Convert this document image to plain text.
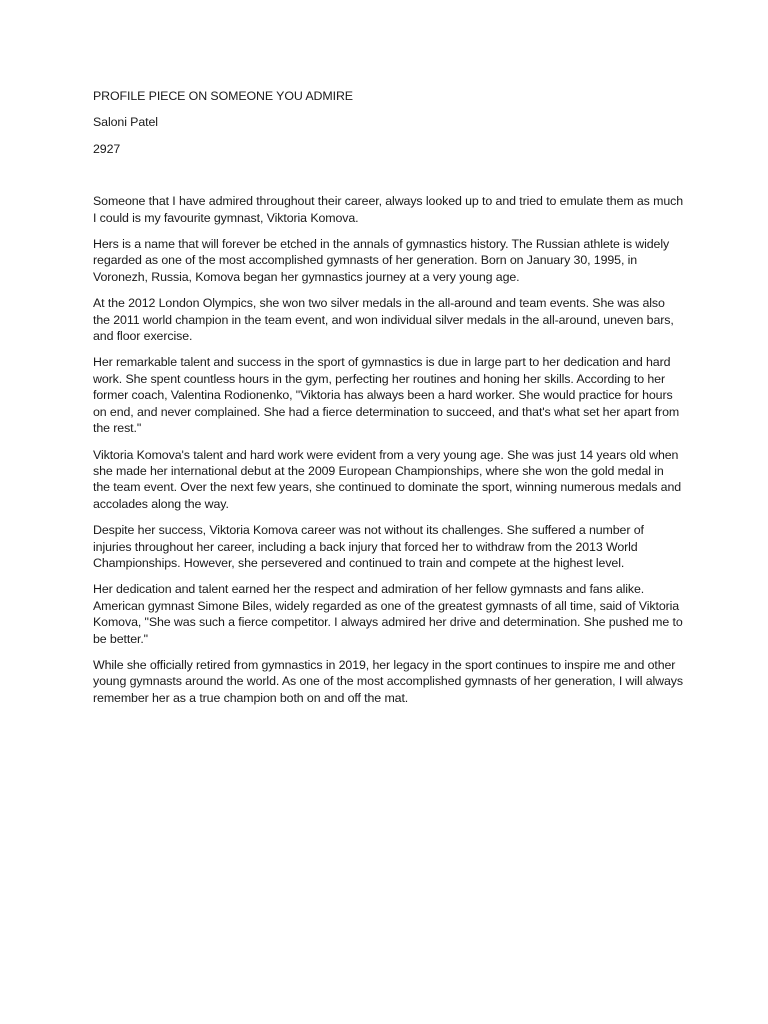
PROFILE PIECE ON SOMEONE YOU ADMIRE
Saloni Patel
2927

Someone that I have admired throughout their career, always looked up to and tried to emulate them as much I could is my favourite gymnast, Viktoria Komova.

Hers is a name that will forever be etched in the annals of gymnastics history. The Russian athlete is widely regarded as one of the most accomplished gymnasts of her generation. Born on January 30, 1995, in Voronezh, Russia, Komova began her gymnastics journey at a very young age.

At the 2012 London Olympics, she won two silver medals in the all-around and team events. She was also the 2011 world champion in the team event, and won individual silver medals in the all-around, uneven bars, and floor exercise.

Her remarkable talent and success in the sport of gymnastics is due in large part to her dedication and hard work. She spent countless hours in the gym, perfecting her routines and honing her skills. According to her former coach, Valentina Rodionenko, "Viktoria has always been a hard worker. She would practice for hours on end, and never complained. She had a fierce determination to succeed, and that's what set her apart from the rest."

Viktoria Komova's talent and hard work were evident from a very young age. She was just 14 years old when she made her international debut at the 2009 European Championships, where she won the gold medal in the team event. Over the next few years, she continued to dominate the sport, winning numerous medals and accolades along the way.

Despite her success, Viktoria Komova career was not without its challenges. She suffered a number of injuries throughout her career, including a back injury that forced her to withdraw from the 2013 World Championships. However, she persevered and continued to train and compete at the highest level.

Her dedication and talent earned her the respect and admiration of her fellow gymnasts and fans alike. American gymnast Simone Biles, widely regarded as one of the greatest gymnasts of all time, said of Viktoria Komova, "She was such a fierce competitor. I always admired her drive and determination. She pushed me to be better."

While she officially retired from gymnastics in 2019, her legacy in the sport continues to inspire me and other young gymnasts around the world. As one of the most accomplished gymnasts of her generation, I will always remember her as a true champion both on and off the mat.
